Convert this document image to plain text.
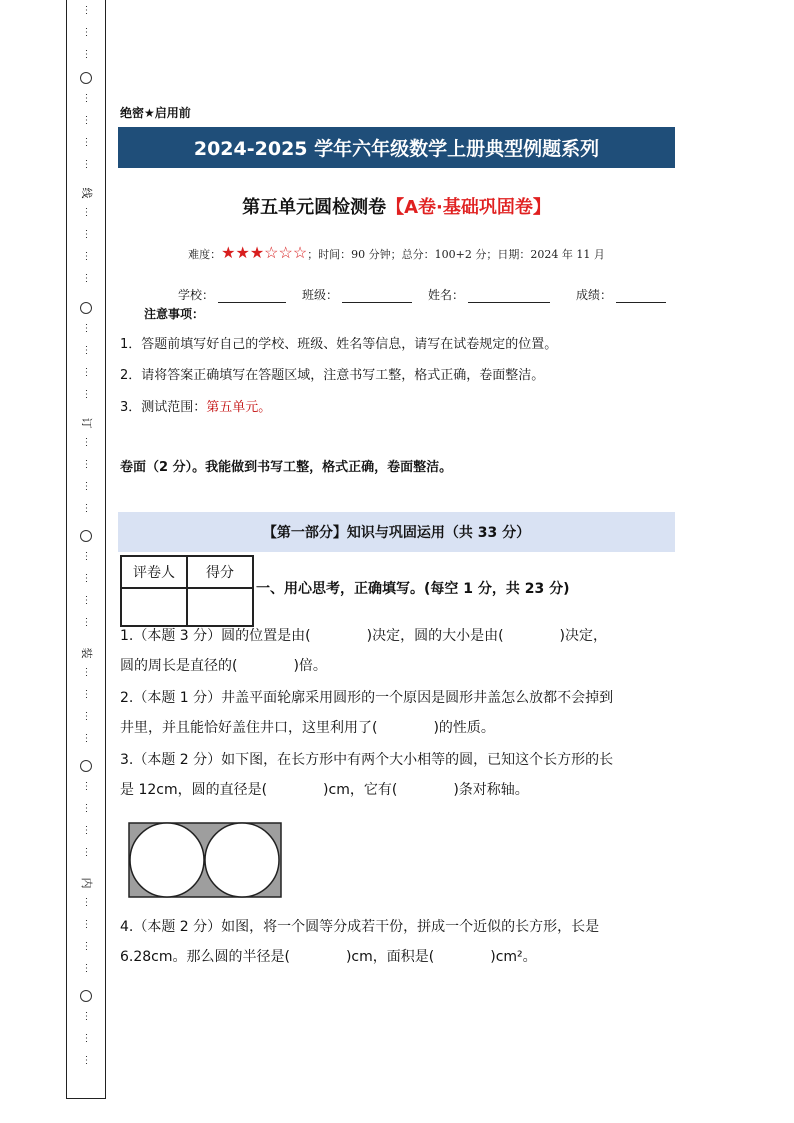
⋮
⋮
⋮
⋮
⋮
⋮
⋮
线
⋮
⋮
⋮
⋮
⋮
⋮
⋮
⋮
订
⋮
⋮
⋮
⋮
⋮
⋮
⋮
⋮
装
⋮
⋮
⋮
⋮
⋮
⋮
⋮
⋮
内
⋮
⋮
⋮
⋮
⋮
⋮
⋮
绝密★启用前
2024-2025 学年六年级数学上册典型例题系列
第五单元圆检测卷【A卷·基础巩固卷】
难度：★★★☆☆☆；时间：90 分钟；总分：100+2 分；日期：2024 年 11 月
学校：	班级：	姓名：	成绩：
注意事项：
1．答题前填写好自己的学校、班级、姓名等信息，请写在试卷规定的位置。
2．请将答案正确填写在答题区域，注意书写工整，格式正确，卷面整洁。
3．测试范围：第五单元。
卷面（2 分）。我能做到书写工整，格式正确，卷面整洁。
【第一部分】知识与巩固运用（共 33 分）
评卷人	得分

一、用心思考，正确填写。(每空 1 分，共 23 分)
1.（本题 3 分）圆的位置是由(　　　　)决定，圆的大小是由(　　　　)决定，
圆的周长是直径的(　　　　)倍。
2.（本题 1 分）井盖平面轮廓采用圆形的一个原因是圆形井盖怎么放都不会掉到
井里，并且能恰好盖住井口，这里利用了(　　　　)的性质。
3.（本题 2 分）如下图，在长方形中有两个大小相等的圆，已知这个长方形的长
是 12cm，圆的直径是(　　　　)cm，它有(　　　　)条对称轴。
4.（本题 2 分）如图，将一个圆等分成若干份，拼成一个近似的长方形，长是
6.28cm。那么圆的半径是(　　　　)cm，面积是(　　　　)cm²。
